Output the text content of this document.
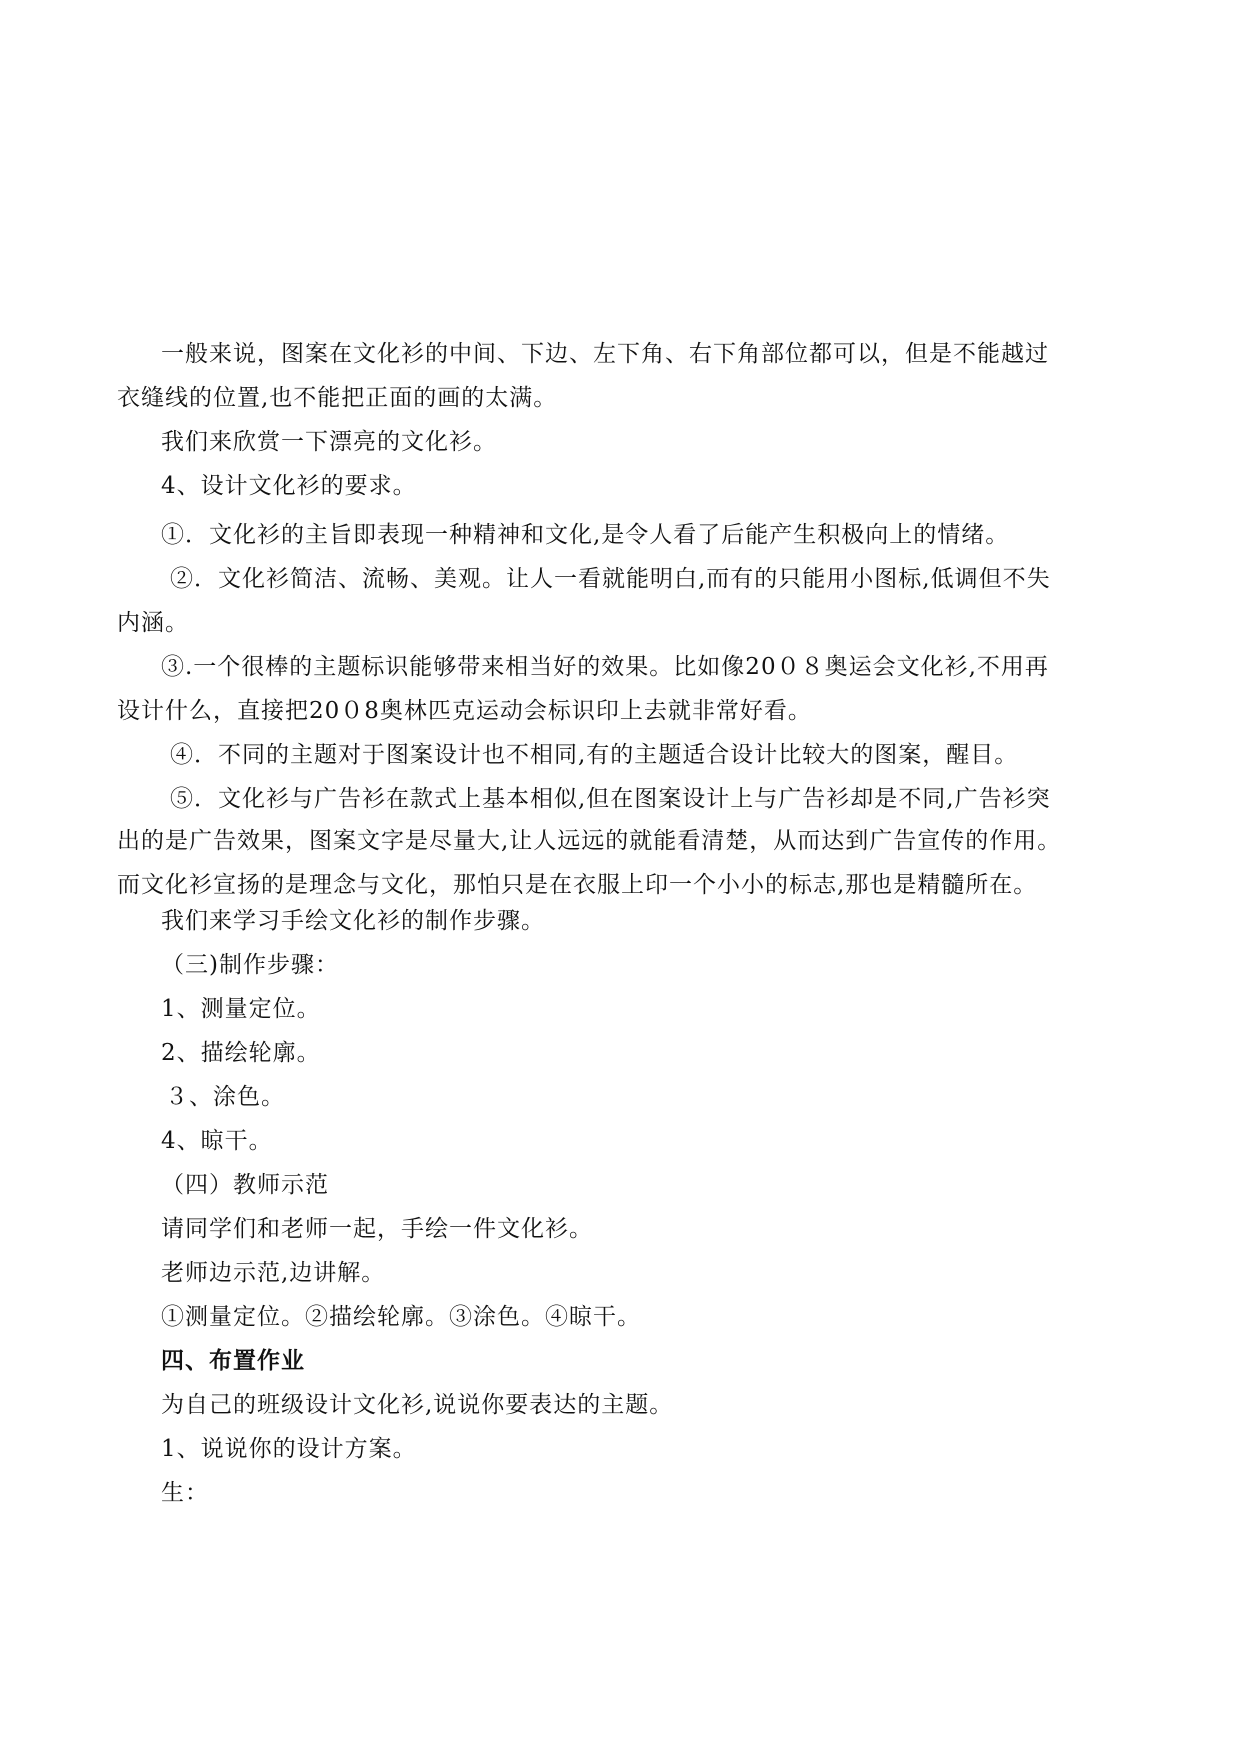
一般来说，图案在文化衫的中间、下边、左下角、右下角部位都可以，但是不能越过
衣缝线的位置,也不能把正面的画的太满。
我们来欣赏一下漂亮的文化衫。
4、设计文化衫的要求。
①．文化衫的主旨即表现一种精神和文化,是令人看了后能产生积极向上的情绪。
②．文化衫简洁、流畅、美观。让人一看就能明白,而有的只能用小图标,低调但不失
内涵。
③.一个很棒的主题标识能够带来相当好的效果。比如像20０８奥运会文化衫,不用再
设计什么，直接把20０8奥林匹克运动会标识印上去就非常好看。
④．不同的主题对于图案设计也不相同,有的主题适合设计比较大的图案，醒目。
⑤．文化衫与广告衫在款式上基本相似,但在图案设计上与广告衫却是不同,广告衫突
出的是广告效果，图案文字是尽量大,让人远远的就能看清楚，从而达到广告宣传的作用。
而文化衫宣扬的是理念与文化，那怕只是在衣服上印一个小小的标志,那也是精髓所在。
我们来学习手绘文化衫的制作步骤。
（三)制作步骤：
1、测量定位。
2、描绘轮廓。
３、涂色。
4、晾干。
（四）教师示范
请同学们和老师一起，手绘一件文化衫。
老师边示范,边讲解。
①测量定位。②描绘轮廓。③涂色。④晾干。
四、布置作业
为自己的班级设计文化衫,说说你要表达的主题。
1、说说你的设计方案。
生：
